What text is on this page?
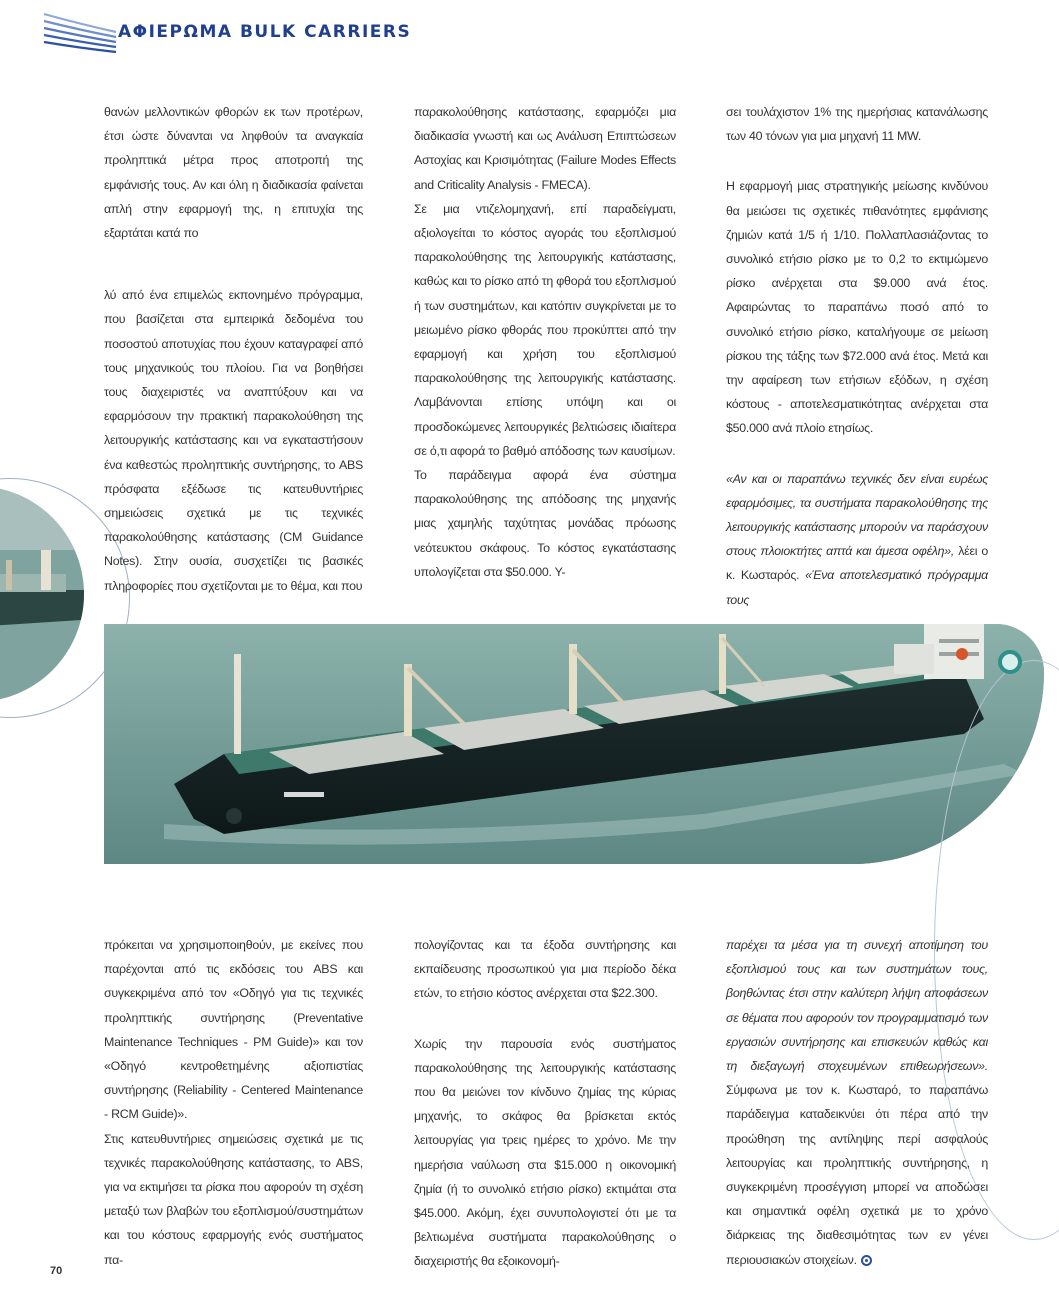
ΑΦΙΕΡΩΜΑ BULK CARRIERS

θανών μελλοντικών φθορών εκ των προτέρων, έτσι ώστε δύνανται να ληφθούν τα αναγκαία προληπτικά μέτρα προς αποτροπή της εμφάνισής τους. Αν και όλη η διαδικασία φαίνεται απλή στην εφαρμογή της, η επιτυχία της εξαρτάται κατά πο

λύ από ένα επιμελώς εκπονημένο πρόγραμμα, που βασίζεται στα εμπειρικά δεδομένα του ποσοστού αποτυχίας που έχουν καταγραφεί από τους μηχανικούς του πλοίου. Για να βοηθήσει τους διαχειριστές να αναπτύξουν και να εφαρμόσουν την πρακτική παρακολούθηση της λειτουργικής κατάστασης και να εγκαταστήσουν ένα καθεστώς προληπτικής συντήρησης, το ABS πρόσφατα εξέδωσε τις κατευθυντήριες σημειώσεις σχετικά με τις τεχνικές παρακολούθησης κατάστασης (CM Guidance Notes). Στην ουσία, συσχετίζει τις βασικές πληροφορίες που σχετίζονται με το θέμα, και που

παρακολούθησης κατάστασης, εφαρμόζει μια διαδικασία γνωστή και ως Ανάλυση Επιπτώσεων Αστοχίας και Κρισιμότητας (Failure Modes Effects and Criticality Analysis - FMECA).

Σε μια ντιζελομηχανή, επί παραδείγματι, αξιολογείται το κόστος αγοράς του εξοπλισμού παρακολούθησης της λειτουργικής κατάστασης, καθώς και το ρίσκο από τη φθορά του εξοπλισμού ή των συστημάτων, και κατόπιν συγκρίνεται με το μειωμένο ρίσκο φθοράς που προκύπτει από την εφαρμογή και χρήση του εξοπλισμού παρακολούθησης της λειτουργικής κατάστασης. Λαμβάνονται επίσης υπόψη και οι προσδοκώμενες λειτουργικές βελτιώσεις ιδιαίτερα σε ό,τι αφορά το βαθμό απόδοσης των καυσίμων.

Το παράδειγμα αφορά ένα σύστημα παρακολούθησης της απόδοσης της μηχανής μιας χαμηλής ταχύτητας μονάδας πρόωσης νεότευκτου σκάφους. Το κόστος εγκατάστασης υπολογίζεται στα $50.000. Υ-

σει τουλάχιστον 1% της ημερήσιας κατανάλωσης των 40 τόνων για μια μηχανή 11 MW.

Η εφαρμογή μιας στρατηγικής μείωσης κινδύνου θα μειώσει τις σχετικές πιθανότητες εμφάνισης ζημιών κατά 1/5 ή 1/10. Πολλαπλασιάζοντας το συνολικό ετήσιο ρίσκο με το 0,2 το εκτιμώμενο ρίσκο ανέρχεται στα $9.000 ανά έτος. Αφαιρώντας το παραπάνω ποσό από το συνολικό ετήσιο ρίσκο, καταλήγουμε σε μείωση ρίσκου της τάξης των $72.000 ανά έτος. Μετά και την αφαίρεση των ετήσιων εξόδων, η σχέση κόστους - αποτελεσματικότητας ανέρχεται στα $50.000 ανά πλοίο ετησίως.

«Αν και οι παραπάνω τεχνικές δεν είναι ευρέως εφαρμόσιμες, τα συστήματα παρακολούθησης της λειτουργικής κατάστασης μπορούν να παράσχουν στους πλοιοκτήτες απτά και άμεσα οφέλη», λέει ο κ. Κωσταρός. «Ένα αποτελεσματικό πρόγραμμα τους

πρόκειται να χρησιμοποιηθούν, με εκείνες που παρέχονται από τις εκδόσεις του ABS και συγκεκριμένα από τον «Οδηγό για τις τεχνικές προληπτικής συντήρησης (Preventative Maintenance Techniques - PM Guide)» και τον «Οδηγό κεντροθετημένης αξιοπιστίας συντήρησης (Reliability - Centered Maintenance - RCM Guide)».

Στις κατευθυντήριες σημειώσεις σχετικά με τις τεχνικές παρακολούθησης κατάστασης, το ABS, για να εκτιμήσει τα ρίσκα που αφορούν τη σχέση μεταξύ των βλαβών του εξοπλισμού/συστημάτων και του κόστους εφαρμογής ενός συστήματος πα-

πολογίζοντας και τα έξοδα συντήρησης και εκπαίδευσης προσωπικού για μια περίοδο δέκα ετών, το ετήσιο κόστος ανέρχεται στα $22.300.

Χωρίς την παρουσία ενός συστήματος παρακολούθησης της λειτουργικής κατάστασης που θα μειώνει τον κίνδυνο ζημίας της κύριας μηχανής, το σκάφος θα βρίσκεται εκτός λειτουργίας για τρεις ημέρες το χρόνο. Με την ημερήσια ναύλωση στα $15.000 η οικονομική ζημία (ή το συνολικό ετήσιο ρίσκο) εκτιμάται στα $45.000. Ακόμη, έχει συνυπολογιστεί ότι με τα βελτιωμένα συστήματα παρακολούθησης ο διαχειριστής θα εξοικονομή-

παρέχει τα μέσα για τη συνεχή αποτίμηση του εξοπλισμού τους και των συστημάτων τους, βοηθώντας έτσι στην καλύτερη λήψη αποφάσεων σε θέματα που αφορούν τον προγραμματισμό των εργασιών συντήρησης και επισκευών καθώς και τη διεξαγωγή στοχευμένων επιθεωρήσεων». Σύμφωνα με τον κ. Κωσταρό, το παραπάνω παράδειγμα καταδεικνύει ότι πέρα από την προώθηση της αντίληψης περί ασφαλούς λειτουργίας και προληπτικής συντήρησης, η συγκεκριμένη προσέγγιση μπορεί να αποδώσει και σημαντικά οφέλη σχετικά με το χρόνο διάρκειας της διαθεσιμότητας των εν γένει περιουσιακών στοιχείων.

70
